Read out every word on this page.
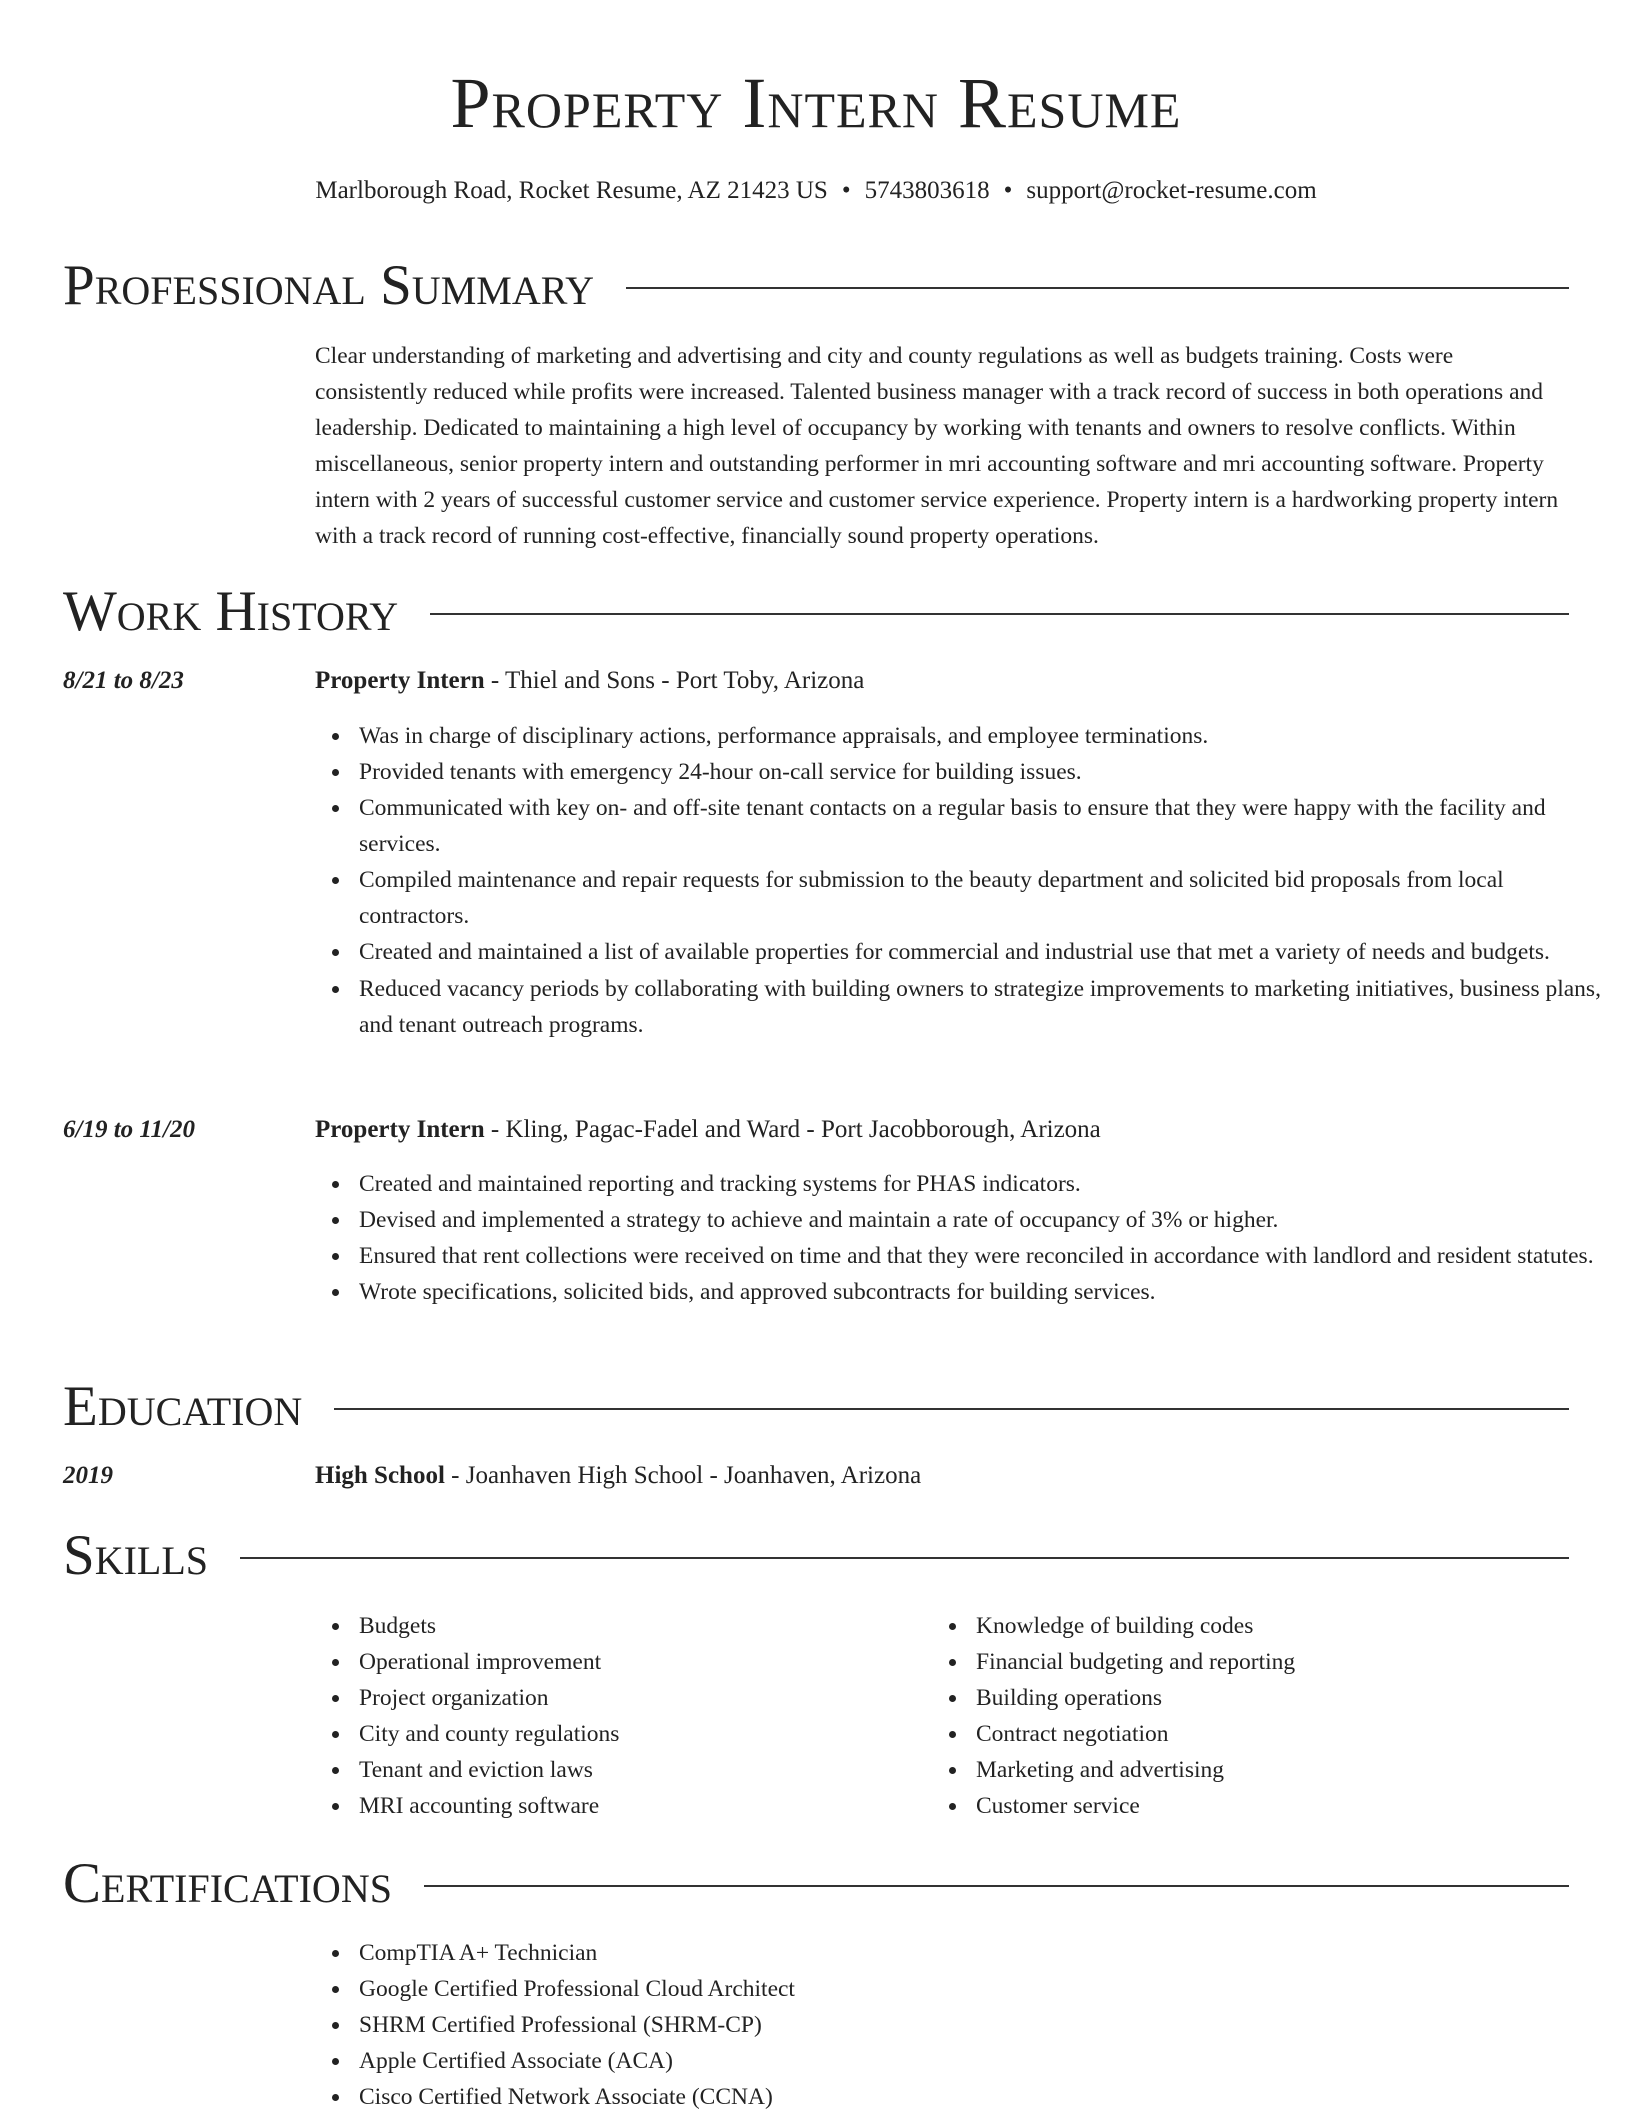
Property Intern Resume
Marlborough Road, Rocket Resume, AZ 21423 US • 5743803618 • support@rocket-resume.com
Professional Summary
Clear understanding of marketing and advertising and city and county regulations as well as budgets training. Costs were consistently reduced while profits were increased. Talented business manager with a track record of success in both operations and leadership. Dedicated to maintaining a high level of occupancy by working with tenants and owners to resolve conflicts. Within miscellaneous, senior property intern and outstanding performer in mri accounting software and mri accounting software. Property intern with 2 years of successful customer service and customer service experience. Property intern is a hardworking property intern with a track record of running cost-effective, financially sound property operations.
Work History
8/21 to 8/23	Property Intern - Thiel and Sons - Port Toby, Arizona
Was in charge of disciplinary actions, performance appraisals, and employee terminations.
Provided tenants with emergency 24-hour on-call service for building issues.
Communicated with key on- and off-site tenant contacts on a regular basis to ensure that they were happy with the facility and services.
Compiled maintenance and repair requests for submission to the beauty department and solicited bid proposals from local contractors.
Created and maintained a list of available properties for commercial and industrial use that met a variety of needs and budgets.
Reduced vacancy periods by collaborating with building owners to strategize improvements to marketing initiatives, business plans, and tenant outreach programs.
6/19 to 11/20	Property Intern - Kling, Pagac-Fadel and Ward - Port Jacobborough, Arizona
Created and maintained reporting and tracking systems for PHAS indicators.
Devised and implemented a strategy to achieve and maintain a rate of occupancy of 3% or higher.
Ensured that rent collections were received on time and that they were reconciled in accordance with landlord and resident statutes.
Wrote specifications, solicited bids, and approved subcontracts for building services.
Education
2019	High School - Joanhaven High School - Joanhaven, Arizona
Skills
Budgets
Operational improvement
Project organization
City and county regulations
Tenant and eviction laws
MRI accounting software
Knowledge of building codes
Financial budgeting and reporting
Building operations
Contract negotiation
Marketing and advertising
Customer service
Certifications
CompTIA A+ Technician
Google Certified Professional Cloud Architect
SHRM Certified Professional (SHRM-CP)
Apple Certified Associate (ACA)
Cisco Certified Network Associate (CCNA)
